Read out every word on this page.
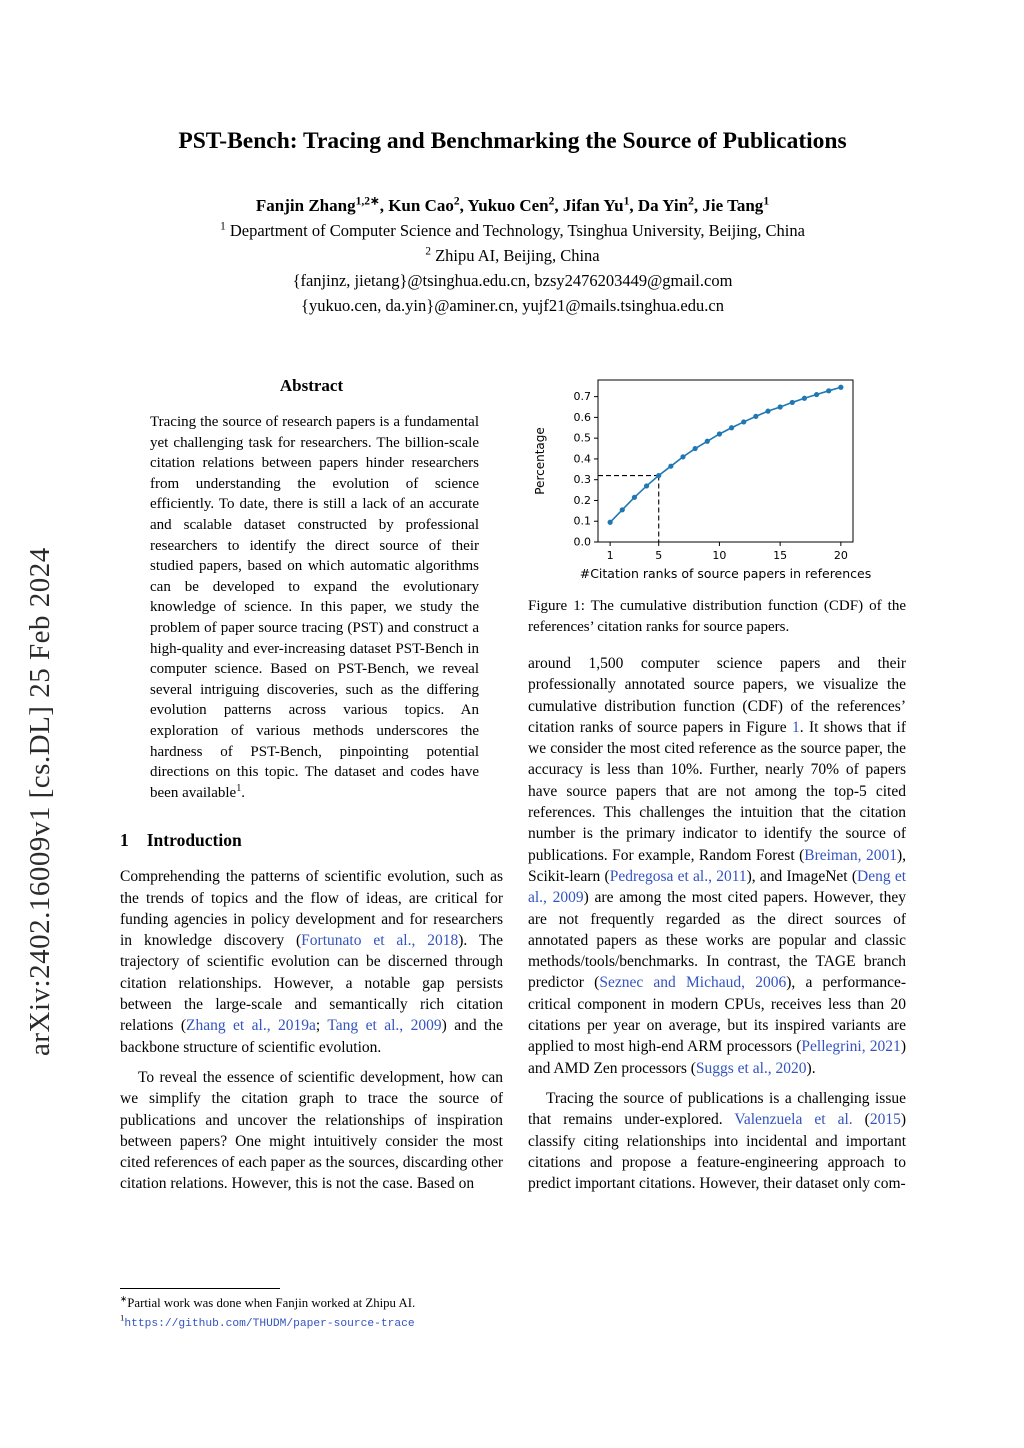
arXiv:2402.16009v1 [cs.DL] 25 Feb 2024
PST-Bench: Tracing and Benchmarking the Source of Publications
Fanjin Zhang$^{1,2∗}$, Kun Cao$^2$, Yukuo Cen$^2$, Jifan Yu$^1$, Da Yin$^2$, Jie Tang$^1$
$^1$ Department of Computer Science and Technology, Tsinghua University, Beijing, China
$^2$ Zhipu AI, Beijing, China
{fanjinz, jietang}@tsinghua.edu.cn, bzsy2476203449@gmail.com
{yukuo.cen, da.yin}@aminer.cn, yujf21@mails.tsinghua.edu.cn
Abstract

Tracing the source of research papers is a fundamental yet challenging task for researchers. The billion-scale citation relations between papers hinder researchers from understanding the evolution of science efficiently. To date, there is still a lack of an accurate and scalable dataset constructed by professional researchers to identify the direct source of their studied papers, based on which automatic algorithms can be developed to expand the evolutionary knowledge of science. In this paper, we study the problem of paper source tracing (PST) and construct a high-quality and ever-increasing dataset PST-Bench in computer science. Based on PST-Bench, we reveal several intriguing discoveries, such as the differing evolution patterns across various topics. An exploration of various methods underscores the hardness of PST-Bench, pinpointing potential directions on this topic. The dataset and codes have been available$^1$.

1 Introduction

Comprehending the patterns of scientific evolution, such as the trends of topics and the flow of ideas, are critical for funding agencies in policy development and for researchers in knowledge discovery (Fortunato et al., 2018). The trajectory of scientific evolution can be discerned through citation relationships. However, a notable gap persists between the large-scale and semantically rich citation relations (Zhang et al., 2019a; Tang et al., 2009) and the backbone structure of scientific evolution.

To reveal the essence of scientific development, how can we simplify the citation graph to trace the source of publications and uncover the relationships of inspiration between papers? One might intuitively consider the most cited references of each paper as the sources, discarding other citation relations. However, this is not the case. Based on

0.0
0.1
0.2
0.3
0.4
0.5
0.6
0.7
1	5	10	15	20
Percentage
#Citation ranks of source papers in references
Figure 1: The cumulative distribution function (CDF) of the references’ citation ranks for source papers.

around 1,500 computer science papers and their professionally annotated source papers, we visualize the cumulative distribution function (CDF) of the references’ citation ranks of source papers in Figure 1. It shows that if we consider the most cited reference as the source paper, the accuracy is less than 10%. Further, nearly 70% of papers have source papers that are not among the top-5 cited references. This challenges the intuition that the citation number is the primary indicator to identify the source of publications. For example, Random Forest (Breiman, 2001), Scikit-learn (Pedregosa et al., 2011), and ImageNet (Deng et al., 2009) are among the most cited papers. However, they are not frequently regarded as the direct sources of annotated papers as these works are popular and classic methods/tools/benchmarks. In contrast, the TAGE branch predictor (Seznec and Michaud, 2006), a performance-critical component in modern CPUs, receives less than 20 citations per year on average, but its inspired variants are applied to most high-end ARM processors (Pellegrini, 2021) and AMD Zen processors (Suggs et al., 2020).

Tracing the source of publications is a challenging issue that remains under-explored. Valenzuela et al. (2015) classify citing relationships into incidental and important citations and propose a feature-engineering approach to predict important citations. However, their dataset only com-

∗Partial work was done when Fanjin worked at Zhipu AI.

$^1$https://github.com/THUDM/paper-source-trace
